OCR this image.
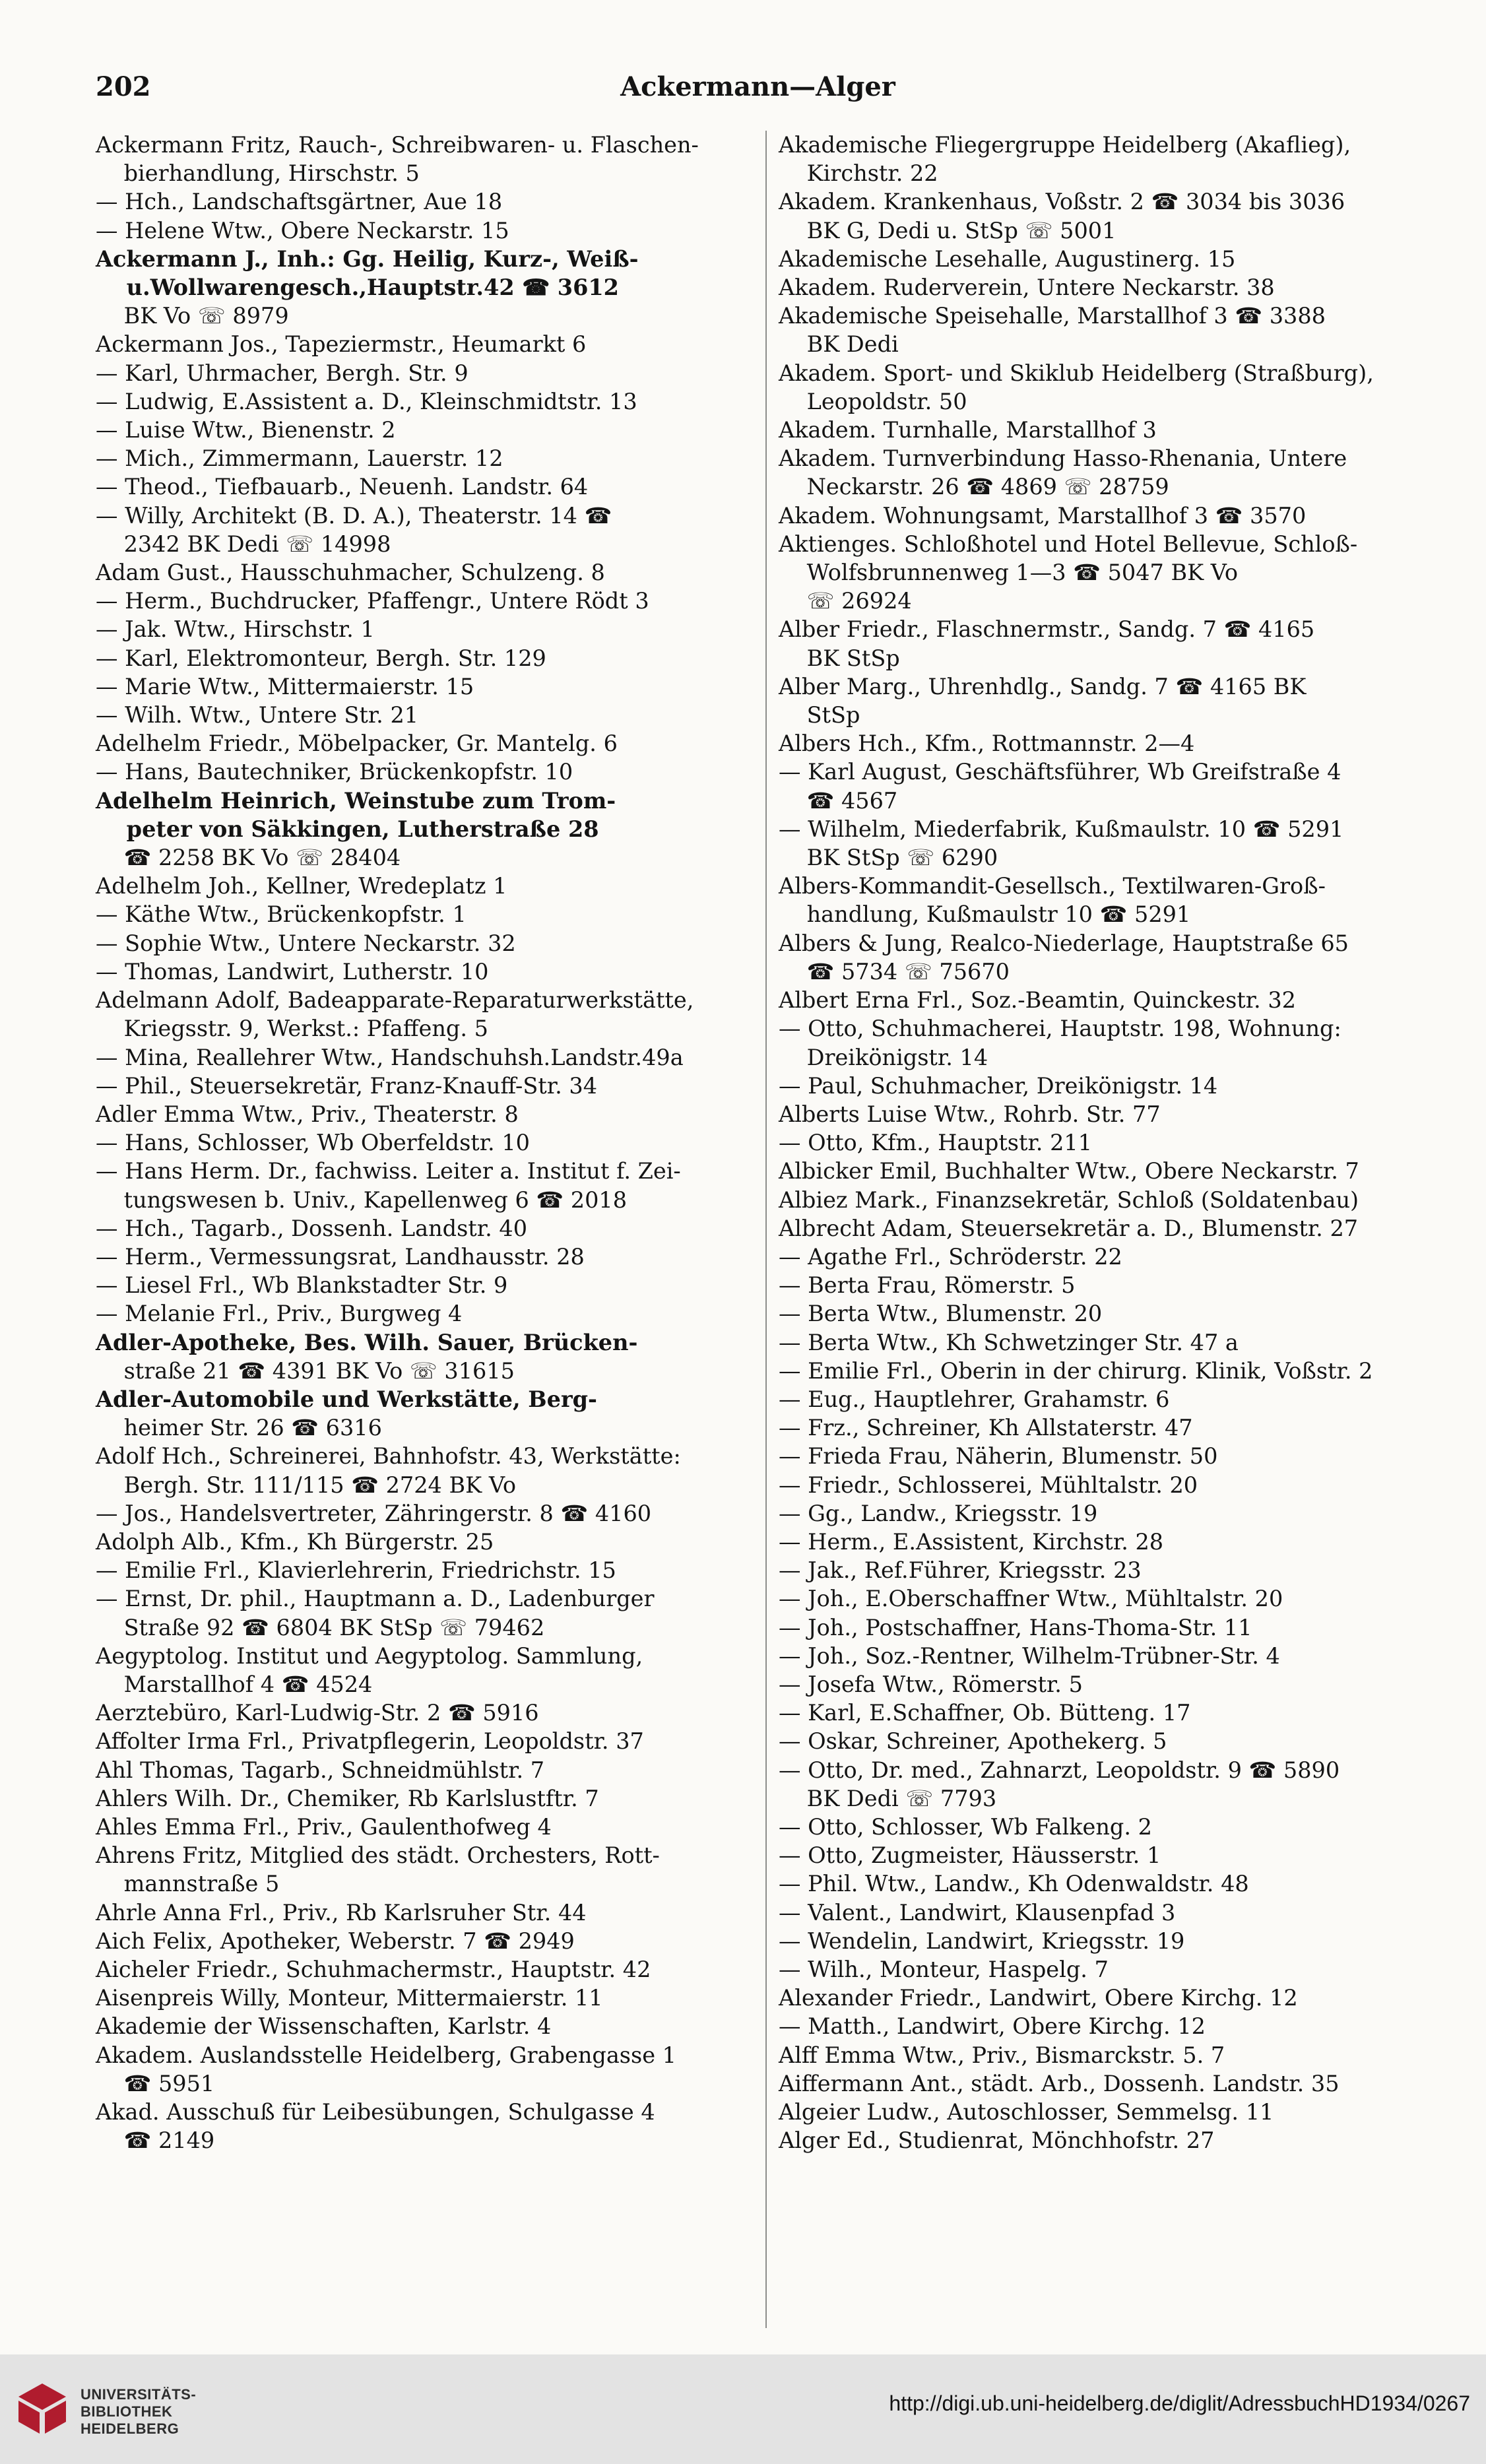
202	Ackermann—Alger
Ackermann Fritz, Rauch-, Schreibwaren- u. Flaschen-
bierhandlung, Hirschstr. 5
— Hch., Landschaftsgärtner, Aue 18
— Helene Wtw., Obere Neckarstr. 15
Ackermann J., Inh.: Gg. Heilig, Kurz-, Weiß-
u.Wollwarengesch.,Hauptstr.42 ☎ 3612
BK Vo ☏ 8979
Ackermann Jos., Tapeziermstr., Heumarkt 6
— Karl, Uhrmacher, Bergh. Str. 9
— Ludwig, E.Assistent a. D., Kleinschmidtstr. 13
— Luise Wtw., Bienenstr. 2
— Mich., Zimmermann, Lauerstr. 12
— Theod., Tiefbauarb., Neuenh. Landstr. 64
— Willy, Architekt (B. D. A.), Theaterstr. 14 ☎
2342 BK Dedi ☏ 14998
Adam Gust., Hausschuhmacher, Schulzeng. 8
— Herm., Buchdrucker, Pfaffengr., Untere Rödt 3
— Jak. Wtw., Hirschstr. 1
— Karl, Elektromonteur, Bergh. Str. 129
— Marie Wtw., Mittermaierstr. 15
— Wilh. Wtw., Untere Str. 21
Adelhelm Friedr., Möbelpacker, Gr. Mantelg. 6
— Hans, Bautechniker, Brückenkopfstr. 10
Adelhelm Heinrich, Weinstube zum Trom-
peter von Säkkingen, Lutherstraße 28
☎ 2258 BK Vo ☏ 28404
Adelhelm Joh., Kellner, Wredeplatz 1
— Käthe Wtw., Brückenkopfstr. 1
— Sophie Wtw., Untere Neckarstr. 32
— Thomas, Landwirt, Lutherstr. 10
Adelmann Adolf, Badeapparate-Reparaturwerkstätte,
Kriegsstr. 9, Werkst.: Pfaffeng. 5
— Mina, Reallehrer Wtw., Handschuhsh.Landstr.49a
— Phil., Steuersekretär, Franz-Knauff-Str. 34
Adler Emma Wtw., Priv., Theaterstr. 8
— Hans, Schlosser, Wb Oberfeldstr. 10
— Hans Herm. Dr., fachwiss. Leiter a. Institut f. Zei-
tungswesen b. Univ., Kapellenweg 6 ☎ 2018
— Hch., Tagarb., Dossenh. Landstr. 40
— Herm., Vermessungsrat, Landhausstr. 28
— Liesel Frl., Wb Blankstadter Str. 9
— Melanie Frl., Priv., Burgweg 4
Adler-Apotheke, Bes. Wilh. Sauer, Brücken-
straße 21 ☎ 4391 BK Vo ☏ 31615
Adler-Automobile und Werkstätte, Berg-
heimer Str. 26 ☎ 6316
Adolf Hch., Schreinerei, Bahnhofstr. 43, Werkstätte:
Bergh. Str. 111/115 ☎ 2724 BK Vo
— Jos., Handelsvertreter, Zähringerstr. 8 ☎ 4160
Adolph Alb., Kfm., Kh Bürgerstr. 25
— Emilie Frl., Klavierlehrerin, Friedrichstr. 15
— Ernst, Dr. phil., Hauptmann a. D., Ladenburger
Straße 92 ☎ 6804 BK StSp ☏ 79462
Aegyptolog. Institut und Aegyptolog. Sammlung,
Marstallhof 4 ☎ 4524
Aerztebüro, Karl-Ludwig-Str. 2 ☎ 5916
Affolter Irma Frl., Privatpflegerin, Leopoldstr. 37
Ahl Thomas, Tagarb., Schneidmühlstr. 7
Ahlers Wilh. Dr., Chemiker, Rb Karlslustftr. 7
Ahles Emma Frl., Priv., Gaulenthofweg 4
Ahrens Fritz, Mitglied des städt. Orchesters, Rott-
mannstraße 5
Ahrle Anna Frl., Priv., Rb Karlsruher Str. 44
Aich Felix, Apotheker, Weberstr. 7 ☎ 2949
Aicheler Friedr., Schuhmachermstr., Hauptstr. 42
Aisenpreis Willy, Monteur, Mittermaierstr. 11
Akademie der Wissenschaften, Karlstr. 4
Akadem. Auslandsstelle Heidelberg, Grabengasse 1
☎ 5951
Akad. Ausschuß für Leibesübungen, Schulgasse 4
☎ 2149
Akademische Fliegergruppe Heidelberg (Akaflieg),
Kirchstr. 22
Akadem. Krankenhaus, Voßstr. 2 ☎ 3034 bis 3036
BK G, Dedi u. StSp ☏ 5001
Akademische Lesehalle, Augustinerg. 15
Akadem. Ruderverein, Untere Neckarstr. 38
Akademische Speisehalle, Marstallhof 3 ☎ 3388
BK Dedi
Akadem. Sport- und Skiklub Heidelberg (Straßburg),
Leopoldstr. 50
Akadem. Turnhalle, Marstallhof 3
Akadem. Turnverbindung Hasso-Rhenania, Untere
Neckarstr. 26 ☎ 4869 ☏ 28759
Akadem. Wohnungsamt, Marstallhof 3 ☎ 3570
Aktienges. Schloßhotel und Hotel Bellevue, Schloß-
Wolfsbrunnenweg 1—3 ☎ 5047 BK Vo
☏ 26924
Alber Friedr., Flaschnermstr., Sandg. 7 ☎ 4165
BK StSp
Alber Marg., Uhrenhdlg., Sandg. 7 ☎ 4165 BK
StSp
Albers Hch., Kfm., Rottmannstr. 2—4
— Karl August, Geschäftsführer, Wb Greifstraße 4
☎ 4567
— Wilhelm, Miederfabrik, Kußmaulstr. 10 ☎ 5291
BK StSp ☏ 6290
Albers-Kommandit-Gesellsch., Textilwaren-Groß-
handlung, Kußmaulstr 10 ☎ 5291
Albers & Jung, Realco-Niederlage, Hauptstraße 65
☎ 5734 ☏ 75670
Albert Erna Frl., Soz.-Beamtin, Quinckestr. 32
— Otto, Schuhmacherei, Hauptstr. 198, Wohnung:
Dreikönigstr. 14
— Paul, Schuhmacher, Dreikönigstr. 14
Alberts Luise Wtw., Rohrb. Str. 77
— Otto, Kfm., Hauptstr. 211
Albicker Emil, Buchhalter Wtw., Obere Neckarstr. 7
Albiez Mark., Finanzsekretär, Schloß (Soldatenbau)
Albrecht Adam, Steuersekretär a. D., Blumenstr. 27
— Agathe Frl., Schröderstr. 22
— Berta Frau, Römerstr. 5
— Berta Wtw., Blumenstr. 20
— Berta Wtw., Kh Schwetzinger Str. 47 a
— Emilie Frl., Oberin in der chirurg. Klinik, Voßstr. 2
— Eug., Hauptlehrer, Grahamstr. 6
— Frz., Schreiner, Kh Allstaterstr. 47
— Frieda Frau, Näherin, Blumenstr. 50
— Friedr., Schlosserei, Mühltalstr. 20
— Gg., Landw., Kriegsstr. 19
— Herm., E.Assistent, Kirchstr. 28
— Jak., Ref.Führer, Kriegsstr. 23
— Joh., E.Oberschaffner Wtw., Mühltalstr. 20
— Joh., Postschaffner, Hans-Thoma-Str. 11
— Joh., Soz.-Rentner, Wilhelm-Trübner-Str. 4
— Josefa Wtw., Römerstr. 5
— Karl, E.Schaffner, Ob. Bütteng. 17
— Oskar, Schreiner, Apothekerg. 5
— Otto, Dr. med., Zahnarzt, Leopoldstr. 9 ☎ 5890
BK Dedi ☏ 7793
— Otto, Schlosser, Wb Falkeng. 2
— Otto, Zugmeister, Häusserstr. 1
— Phil. Wtw., Landw., Kh Odenwaldstr. 48
— Valent., Landwirt, Klausenpfad 3
— Wendelin, Landwirt, Kriegsstr. 19
— Wilh., Monteur, Haspelg. 7
Alexander Friedr., Landwirt, Obere Kirchg. 12
— Matth., Landwirt, Obere Kirchg. 12
Alff Emma Wtw., Priv., Bismarckstr. 5. 7
Aiffermann Ant., städt. Arb., Dossenh. Landstr. 35
Algeier Ludw., Autoschlosser, Semmelsg. 11
Alger Ed., Studienrat, Mönchhofstr. 27
UNIVERSITÄTS-
BIBLIOTHEK
HEIDELBERG
http://digi.ub.uni-heidelberg.de/diglit/AdressbuchHD1934/0267
